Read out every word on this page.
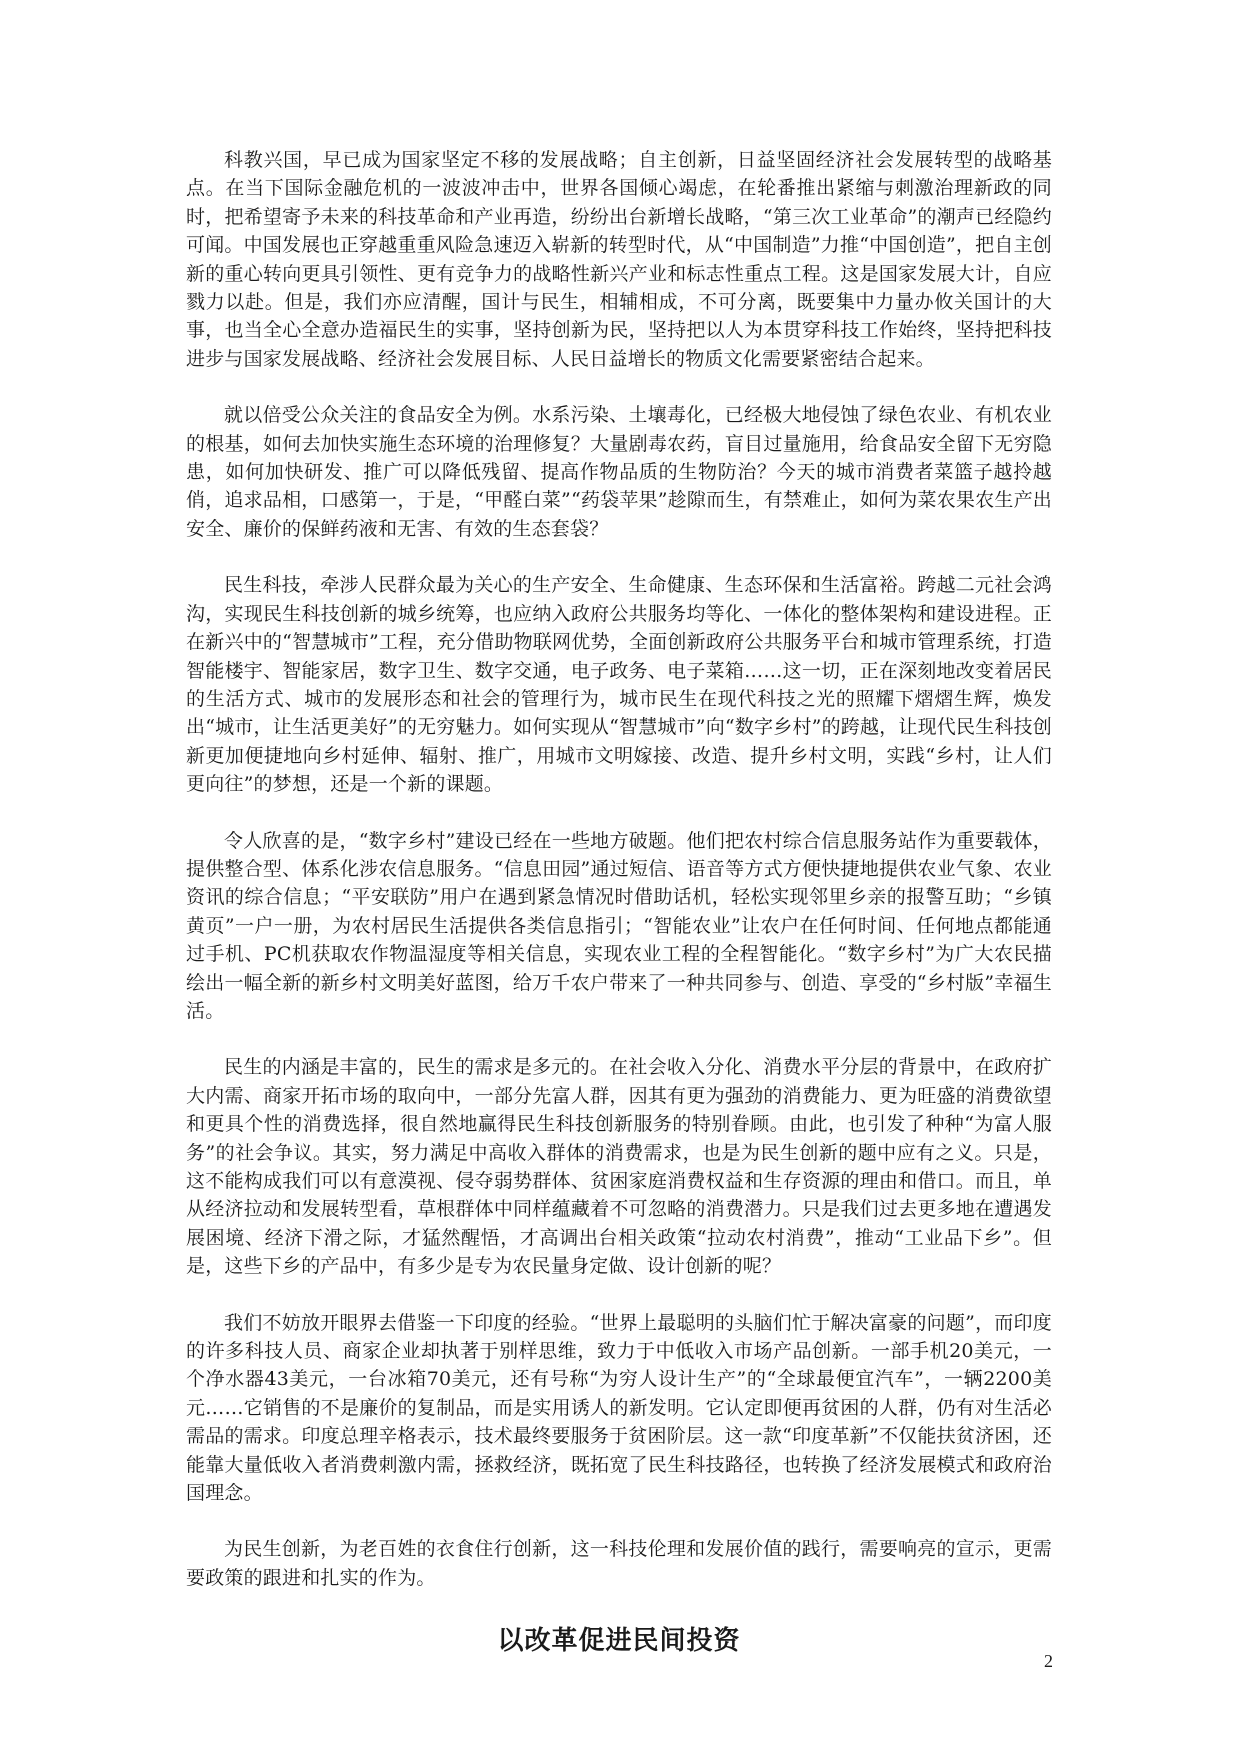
科教兴国，早已成为国家坚定不移的发展战略；自主创新，日益坚固经济社会发展转型的战略基点。在当下国际金融危机的一波波冲击中，世界各国倾心竭虑，在轮番推出紧缩与刺激治理新政的同时，把希望寄予未来的科技革命和产业再造，纷纷出台新增长战略，“第三次工业革命”的潮声已经隐约可闻。中国发展也正穿越重重风险急速迈入崭新的转型时代，从“中国制造”力推“中国创造”，把自主创新的重心转向更具引领性、更有竞争力的战略性新兴产业和标志性重点工程。这是国家发展大计，自应戮力以赴。但是，我们亦应清醒，国计与民生，相辅相成，不可分离，既要集中力量办攸关国计的大事，也当全心全意办造福民生的实事，坚持创新为民，坚持把以人为本贯穿科技工作始终，坚持把科技进步与国家发展战略、经济社会发展目标、人民日益增长的物质文化需要紧密结合起来。

就以倍受公众关注的食品安全为例。水系污染、土壤毒化，已经极大地侵蚀了绿色农业、有机农业的根基，如何去加快实施生态环境的治理修复？大量剧毒农药，盲目过量施用，给食品安全留下无穷隐患，如何加快研发、推广可以降低残留、提高作物品质的生物防治？今天的城市消费者菜篮子越拎越俏，追求品相，口感第一，于是，“甲醛白菜”“药袋苹果”趁隙而生，有禁难止，如何为菜农果农生产出安全、廉价的保鲜药液和无害、有效的生态套袋？

民生科技，牵涉人民群众最为关心的生产安全、生命健康、生态环保和生活富裕。跨越二元社会鸿沟，实现民生科技创新的城乡统筹，也应纳入政府公共服务均等化、一体化的整体架构和建设进程。正在新兴中的“智慧城市”工程，充分借助物联网优势，全面创新政府公共服务平台和城市管理系统，打造智能楼宇、智能家居，数字卫生、数字交通，电子政务、电子菜箱……这一切，正在深刻地改变着居民的生活方式、城市的发展形态和社会的管理行为，城市民生在现代科技之光的照耀下熠熠生辉，焕发出“城市，让生活更美好”的无穷魅力。如何实现从“智慧城市”向“数字乡村”的跨越，让现代民生科技创新更加便捷地向乡村延伸、辐射、推广，用城市文明嫁接、改造、提升乡村文明，实践“乡村，让人们更向往”的梦想，还是一个新的课题。

令人欣喜的是，“数字乡村”建设已经在一些地方破题。他们把农村综合信息服务站作为重要载体，提供整合型、体系化涉农信息服务。“信息田园”通过短信、语音等方式方便快捷地提供农业气象、农业资讯的综合信息；“平安联防”用户在遇到紧急情况时借助话机，轻松实现邻里乡亲的报警互助；“乡镇黄页”一户一册，为农村居民生活提供各类信息指引；“智能农业”让农户在任何时间、任何地点都能通过手机、PC机获取农作物温湿度等相关信息，实现农业工程的全程智能化。“数字乡村”为广大农民描绘出一幅全新的新乡村文明美好蓝图，给万千农户带来了一种共同参与、创造、享受的“乡村版”幸福生活。

民生的内涵是丰富的，民生的需求是多元的。在社会收入分化、消费水平分层的背景中，在政府扩大内需、商家开拓市场的取向中，一部分先富人群，因其有更为强劲的消费能力、更为旺盛的消费欲望和更具个性的消费选择，很自然地赢得民生科技创新服务的特别眷顾。由此，也引发了种种“为富人服务”的社会争议。其实，努力满足中高收入群体的消费需求，也是为民生创新的题中应有之义。只是，这不能构成我们可以有意漠视、侵夺弱势群体、贫困家庭消费权益和生存资源的理由和借口。而且，单从经济拉动和发展转型看，草根群体中同样蕴藏着不可忽略的消费潜力。只是我们过去更多地在遭遇发展困境、经济下滑之际，才猛然醒悟，才高调出台相关政策“拉动农村消费”，推动“工业品下乡”。但是，这些下乡的产品中，有多少是专为农民量身定做、设计创新的呢？

我们不妨放开眼界去借鉴一下印度的经验。“世界上最聪明的头脑们忙于解决富豪的问题”，而印度的许多科技人员、商家企业却执著于别样思维，致力于中低收入市场产品创新。一部手机20美元，一个净水器43美元，一台冰箱70美元，还有号称“为穷人设计生产”的“全球最便宜汽车”，一辆2200美元……它销售的不是廉价的复制品，而是实用诱人的新发明。它认定即便再贫困的人群，仍有对生活必需品的需求。印度总理辛格表示，技术最终要服务于贫困阶层。这一款“印度革新”不仅能扶贫济困，还能靠大量低收入者消费刺激内需，拯救经济，既拓宽了民生科技路径，也转换了经济发展模式和政府治国理念。

为民生创新，为老百姓的衣食住行创新，这一科技伦理和发展价值的践行，需要响亮的宣示，更需要政策的跟进和扎实的作为。

以改革促进民间投资
2
